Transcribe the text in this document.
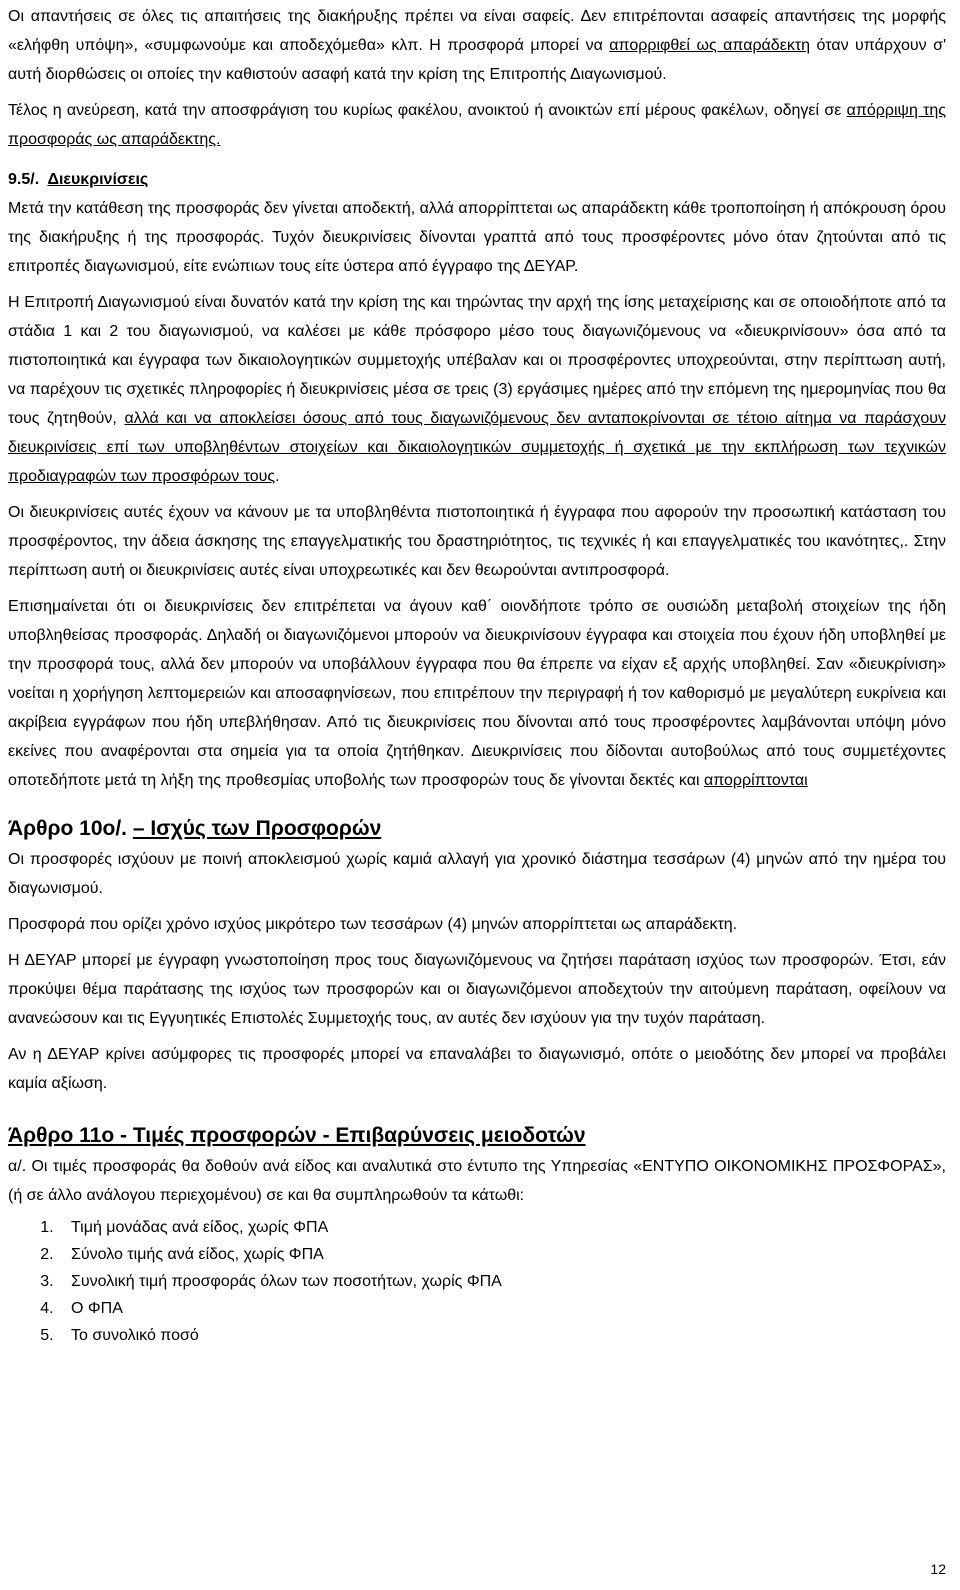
Οι απαντήσεις σε όλες τις απαιτήσεις της διακήρυξης πρέπει να είναι σαφείς. Δεν επιτρέπονται ασαφείς απαντήσεις της μορφής «ελήφθη υπόψη», «συμφωνούμε και αποδεχόμεθα» κλπ. Η προσφορά μπορεί να απορριφθεί ως απαράδεκτη όταν υπάρχουν σ' αυτή διορθώσεις οι οποίες την καθιστούν ασαφή κατά την κρίση της Επιτροπής Διαγωνισμού.

Τέλος η ανεύρεση, κατά την αποσφράγιση του κυρίως φακέλου, ανοικτού ή ανοικτών επί μέρους φακέλων, οδηγεί σε απόρριψη της προσφοράς ως απαράδεκτης.

9.5/. Διευκρινίσεις

Μετά την κατάθεση της προσφοράς δεν γίνεται αποδεκτή, αλλά απορρίπτεται ως απαράδεκτη κάθε τροποποίηση ή απόκρουση όρου της διακήρυξης ή της προσφοράς. Τυχόν διευκρινίσεις δίνονται γραπτά από τους προσφέροντες μόνο όταν ζητούνται από τις επιτροπές διαγωνισμού, είτε ενώπιων τους είτε ύστερα από έγγραφο της ΔΕΥΑΡ.

Η Επιτροπή Διαγωνισμού είναι δυνατόν κατά την κρίση της και τηρώντας την αρχή της ίσης μεταχείρισης και σε οποιοδήποτε από τα στάδια 1 και 2 του διαγωνισμού, να καλέσει με κάθε πρόσφορο μέσο τους διαγωνιζόμενους να «διευκρινίσουν» όσα από τα πιστοποιητικά και έγγραφα των δικαιολογητικών συμμετοχής υπέβαλαν και οι προσφέροντες υποχρεούνται, στην περίπτωση αυτή, να παρέχουν τις σχετικές πληροφορίες ή διευκρινίσεις μέσα σε τρεις (3) εργάσιμες ημέρες από την επόμενη της ημερομηνίας που θα τους ζητηθούν, αλλά και να αποκλείσει όσους από τους διαγωνιζόμενους δεν ανταποκρίνονται σε τέτοιο αίτημα να παράσχουν διευκρινίσεις επί των υποβληθέντων στοιχείων και δικαιολογητικών συμμετοχής ή σχετικά με την εκπλήρωση των τεχνικών προδιαγραφών των προσφόρων τους.

Οι διευκρινίσεις αυτές έχουν να κάνουν με τα υποβληθέντα πιστοποιητικά ή έγγραφα που αφορούν την προσωπική κατάσταση του προσφέροντος, την άδεια άσκησης της επαγγελματικής του δραστηριότητος, τις τεχνικές ή και επαγγελματικές του ικανότητες,. Στην περίπτωση αυτή οι διευκρινίσεις αυτές είναι υποχρεωτικές και δεν θεωρούνται αντιπροσφορά.

Επισημαίνεται ότι οι διευκρινίσεις δεν επιτρέπεται να άγουν καθ΄ οιονδήποτε τρόπο σε ουσιώδη μεταβολή στοιχείων της ήδη υποβληθείσας προσφοράς. Δηλαδή οι διαγωνιζόμενοι μπορούν να διευκρινίσουν έγγραφα και στοιχεία που έχουν ήδη υποβληθεί με την προσφορά τους, αλλά δεν μπορούν να υποβάλλουν έγγραφα που θα έπρεπε να είχαν εξ αρχής υποβληθεί. Σαν «διευκρίνιση» νοείται η χορήγηση λεπτομερειών και αποσαφηνίσεων, που επιτρέπουν την περιγραφή ή τον καθορισμό με μεγαλύτερη ευκρίνεια και ακρίβεια εγγράφων που ήδη υπεβλήθησαν. Από τις διευκρινίσεις που δίνονται από τους προσφέροντες λαμβάνονται υπόψη μόνο εκείνες που αναφέρονται στα σημεία για τα οποία ζητήθηκαν. Διευκρινίσεις που δίδονται αυτοβούλως από τους συμμετέχοντες οποτεδήποτε μετά τη λήξη της προθεσμίας υποβολής των προσφορών τους δε γίνονται δεκτές και απορρίπτονται

Άρθρο 10ο/. – Ισχύς των Προσφορών

Οι προσφορές ισχύουν με ποινή αποκλεισμού χωρίς καμιά αλλαγή για χρονικό διάστημα τεσσάρων (4) μηνών από την ημέρα του διαγωνισμού.

Προσφορά που ορίζει χρόνο ισχύος μικρότερο των τεσσάρων (4) μηνών απορρίπτεται ως απαράδεκτη.

Η ΔΕΥΑΡ μπορεί με έγγραφη γνωστοποίηση προς τους διαγωνιζόμενους να ζητήσει παράταση ισχύος των προσφορών. Έτσι, εάν προκύψει θέμα παράτασης της ισχύος των προσφορών και οι διαγωνιζόμενοι αποδεχτούν την αιτούμενη παράταση, οφείλουν να ανανεώσουν και τις Εγγυητικές Επιστολές Συμμετοχής τους, αν αυτές δεν ισχύουν για την τυχόν παράταση.

Αν η ΔΕΥΑΡ κρίνει ασύμφορες τις προσφορές μπορεί να επαναλάβει το διαγωνισμό, οπότε ο μειοδότης δεν μπορεί να προβάλει καμία αξίωση.

Άρθρο 11ο - Τιμές προσφορών - Επιβαρύνσεις μειοδοτών

α/. Οι τιμές προσφοράς θα δοθούν ανά είδος και αναλυτικά στο έντυπο της Υπηρεσίας «ΕΝΤΥΠΟ ΟΙΚΟΝΟΜΙΚΗΣ ΠΡΟΣΦΟΡΑΣ», (ή σε άλλο ανάλογου περιεχομένου) σε και θα συμπληρωθούν τα κάτωθι:

1. Τιμή μονάδας ανά είδος, χωρίς ΦΠΑ
2. Σύνολο τιμής ανά είδος, χωρίς ΦΠΑ
3. Συνολική τιμή προσφοράς όλων των ποσοτήτων, χωρίς ΦΠΑ
4. Ο ΦΠΑ
5. Το συνολικό ποσό
12
